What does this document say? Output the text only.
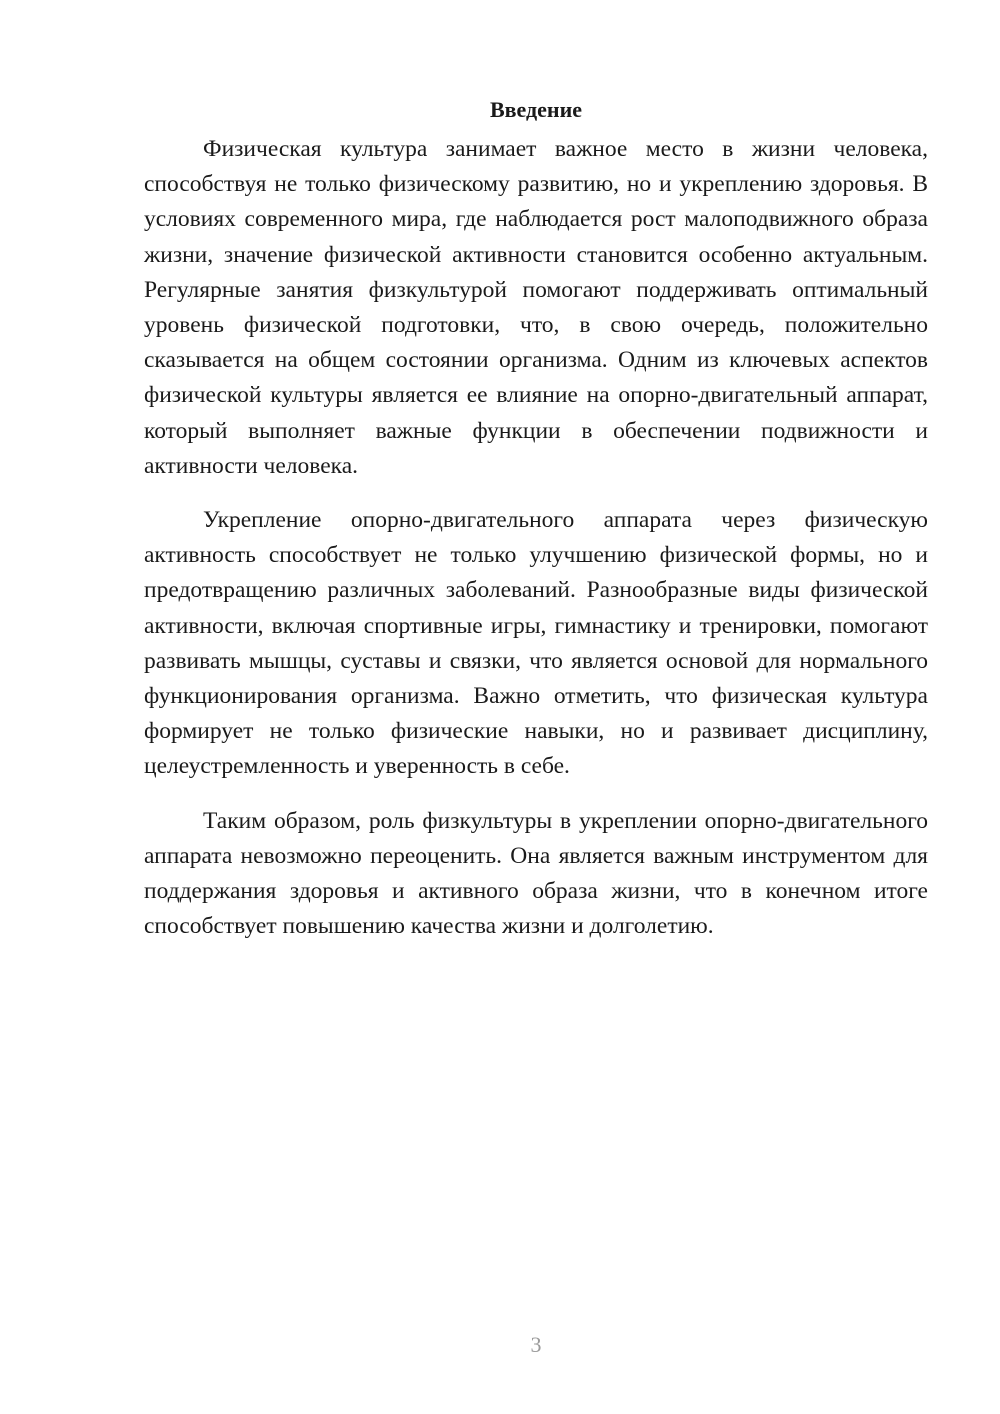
Введение

Физическая культура занимает важное место в жизни человека, способствуя не только физическому развитию, но и укреплению здоровья. В условиях современного мира, где наблюдается рост малоподвижного образа жизни, значение физической активности становится особенно актуальным. Регулярные занятия физкультурой помогают поддерживать оптимальный уровень физической подготовки, что, в свою очередь, положительно сказывается на общем состоянии организма. Одним из ключевых аспектов физической культуры является ее влияние на опорно-двигательный аппарат, который выполняет важные функции в обеспечении подвижности и активности человека.

Укрепление опорно-двигательного аппарата через физическую активность способствует не только улучшению физической формы, но и предотвращению различных заболеваний. Разнообразные виды физической активности, включая спортивные игры, гимнастику и тренировки, помогают развивать мышцы, суставы и связки, что является основой для нормального функционирования организма. Важно отметить, что физическая культура формирует не только физические навыки, но и развивает дисциплину, целеустремленность и уверенность в себе.

Таким образом, роль физкультуры в укреплении опорно-двигательного аппарата невозможно переоценить. Она является важным инструментом для поддержания здоровья и активного образа жизни, что в конечном итоге способствует повышению качества жизни и долголетию.

3
